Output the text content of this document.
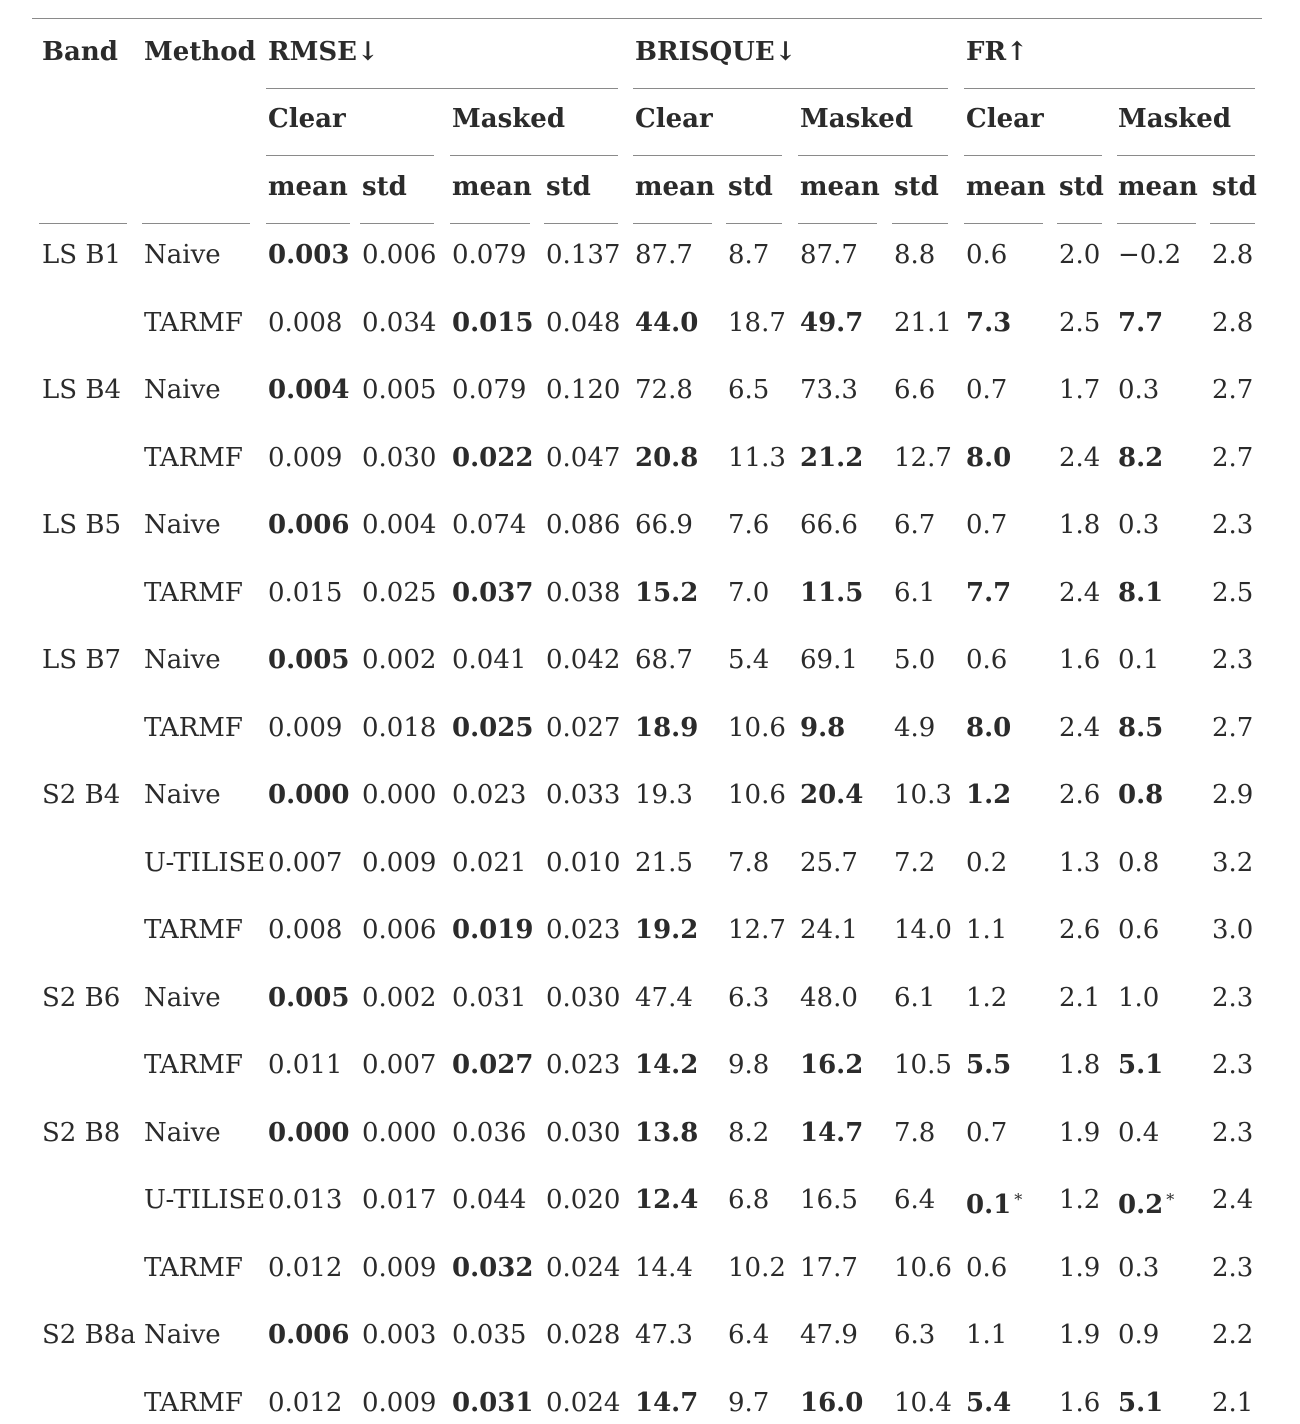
Band Method RMSE↓
Clear
mean std
Masked
mean std
BRISQUE↓
Clear
mean std
Masked
mean std
FR↑
Clear
mean std
Masked
mean std
LS B1 Naive 0.003 0.006 0.079 0.137 87.7 8.7 87.7 8.8 0.6 2.0 −0.2 2.8
TARMF 0.008 0.034 0.015 0.048 44.0 18.7 49.7 21.1 7.3 2.5 7.7 2.8
LS B4 Naive 0.004 0.005 0.079 0.120 72.8 6.5 73.3 6.6 0.7 1.7 0.3 2.7
TARMF 0.009 0.030 0.022 0.047 20.8 11.3 21.2 12.7 8.0 2.4 8.2 2.7
LS B5 Naive 0.006 0.004 0.074 0.086 66.9 7.6 66.6 6.7 0.7 1.8 0.3 2.3
TARMF 0.015 0.025 0.037 0.038 15.2 7.0 11.5 6.1 7.7 2.4 8.1 2.5
LS B7 Naive 0.005 0.002 0.041 0.042 68.7 5.4 69.1 5.0 0.6 1.6 0.1 2.3
TARMF 0.009 0.018 0.025 0.027 18.9 10.6 9.8 4.9 8.0 2.4 8.5 2.7
S2 B4 Naive 0.000 0.000 0.023 0.033 19.3 10.6 20.4 10.3 1.2 2.6 0.8 2.9
U-TILISE 0.007 0.009 0.021 0.010 21.5 7.8 25.7 7.2 0.2 1.3 0.8 3.2
TARMF 0.008 0.006 0.019 0.023 19.2 12.7 24.1 14.0 1.1 2.6 0.6 3.0
S2 B6 Naive 0.005 0.002 0.031 0.030 47.4 6.3 48.0 6.1 1.2 2.1 1.0 2.3
TARMF 0.011 0.007 0.027 0.023 14.2 9.8 16.2 10.5 5.5 1.8 5.1 2.3
S2 B8 Naive 0.000 0.000 0.036 0.030 13.8 8.2 14.7 7.8 0.7 1.9 0.4 2.3
U-TILISE 0.013 0.017 0.044 0.020 12.4 6.8 16.5 6.4 0.1 * 1.2 0.2 * 2.4
TARMF 0.012 0.009 0.032 0.024 14.4 10.2 17.7 10.6 0.6 1.9 0.3 2.3
S2 B8a Naive 0.006 0.003 0.035 0.028 47.3 6.4 47.9 6.3 1.1 1.9 0.9 2.2
TARMF 0.012 0.009 0.031 0.024 14.7 9.7 16.0 10.4 5.4 1.6 5.1 2.1
